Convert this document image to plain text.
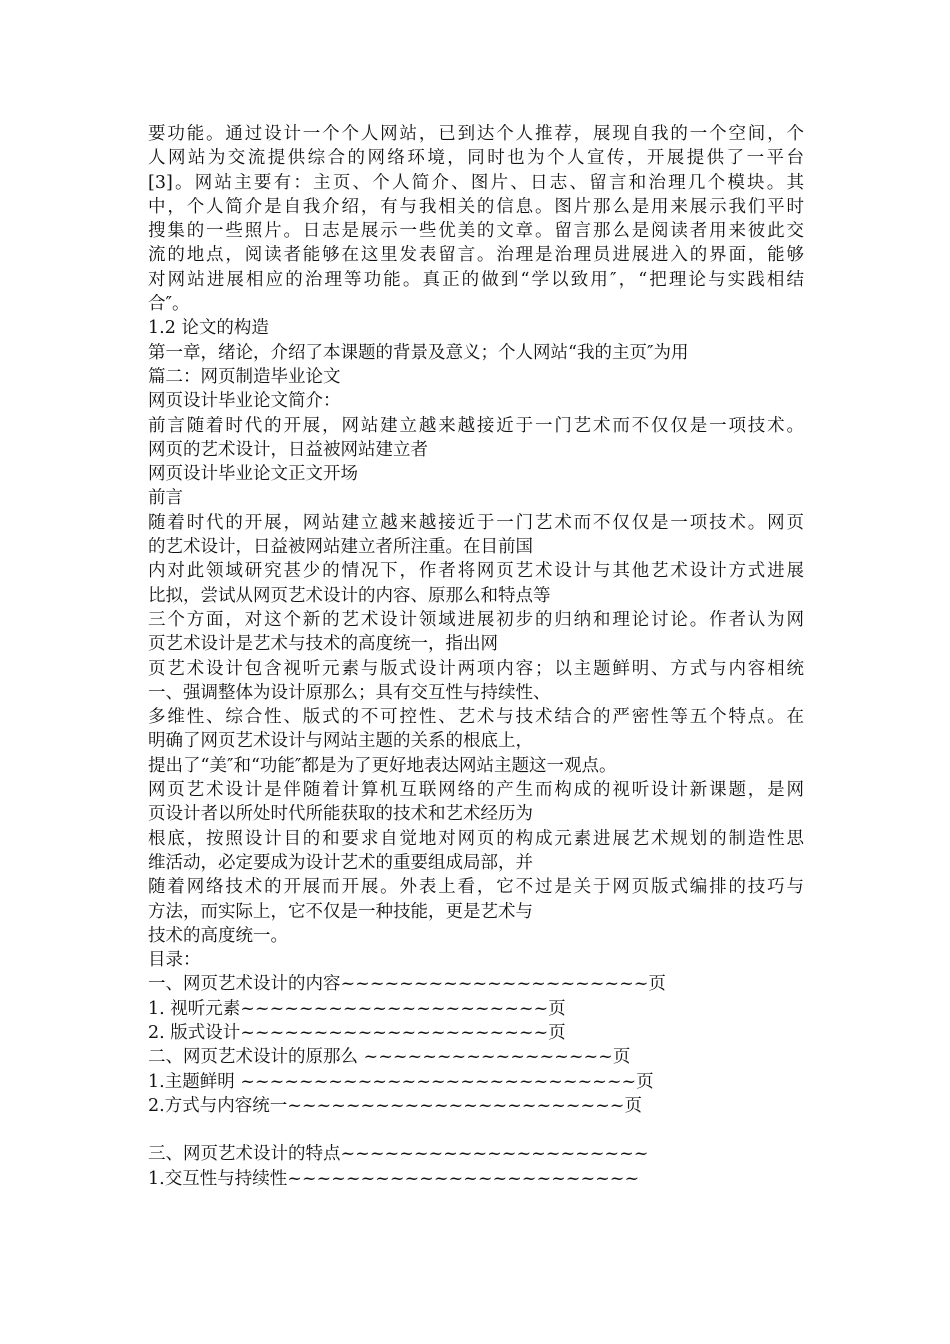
要功能。通过设计一个个人网站，已到达个人推荐，展现自我的一个空间，个
人网站为交流提供综合的网络环境，同时也为个人宣传，开展提供了一平台
[3]。网站主要有：主页、个人简介、图片、日志、留言和治理几个模块。其
中，个人简介是自我介绍，有与我相关的信息。图片那么是用来展示我们平时
搜集的一些照片。日志是展示一些优美的文章。留言那么是阅读者用来彼此交
流的地点，阅读者能够在这里发表留言。治理是治理员进展进入的界面，能够
对网站进展相应的治理等功能。真正的做到“学以致用″，“把理论与实践相结
合″。
1.2 论文的构造
第一章，绪论，介绍了本课题的背景及意义；个人网站“我的主页″为用
篇二：网页制造毕业论文
网页设计毕业论文简介：
前言随着时代的开展，网站建立越来越接近于一门艺术而不仅仅是一项技术。
网页的艺术设计，日益被网站建立者
网页设计毕业论文正文开场
前言
随着时代的开展，网站建立越来越接近于一门艺术而不仅仅是一项技术。网页
的艺术设计，日益被网站建立者所注重。在目前国
内对此领域研究甚少的情况下，作者将网页艺术设计与其他艺术设计方式进展
比拟，尝试从网页艺术设计的内容、原那么和特点等
三个方面，对这个新的艺术设计领域进展初步的归纳和理论讨论。作者认为网
页艺术设计是艺术与技术的高度统一，指出网
页艺术设计包含视听元素与版式设计两项内容；以主题鲜明、方式与内容相统
一、强调整体为设计原那么；具有交互性与持续性、
多维性、综合性、版式的不可控性、艺术与技术结合的严密性等五个特点。在
明确了网页艺术设计与网站主题的关系的根底上，
提出了“美″和“功能″都是为了更好地表达网站主题这一观点。
网页艺术设计是伴随着计算机互联网络的产生而构成的视听设计新课题，是网
页设计者以所处时代所能获取的技术和艺术经历为
根底，按照设计目的和要求自觉地对网页的构成元素进展艺术规划的制造性思
维活动，必定要成为设计艺术的重要组成局部，并
随着网络技术的开展而开展。外表上看，它不过是关于网页版式编排的技巧与
方法，而实际上，它不仅是一种技能，更是艺术与
技术的高度统一。
目录：
一、网页艺术设计的内容~~~~~~~~~~~~~~~~~~~~~页
1. 视听元素~~~~~~~~~~~~~~~~~~~~~页
2. 版式设计~~~~~~~~~~~~~~~~~~~~~页
二、网页艺术设计的原那么 ~~~~~~~~~~~~~~~~~页
1.主题鲜明 ~~~~~~~~~~~~~~~~~~~~~~~~~~~页
2.方式与内容统一~~~~~~~~~~~~~~~~~~~~~~~页
三、网页艺术设计的特点~~~~~~~~~~~~~~~~~~~~~
1.交互性与持续性~~~~~~~~~~~~~~~~~~~~~~~~
